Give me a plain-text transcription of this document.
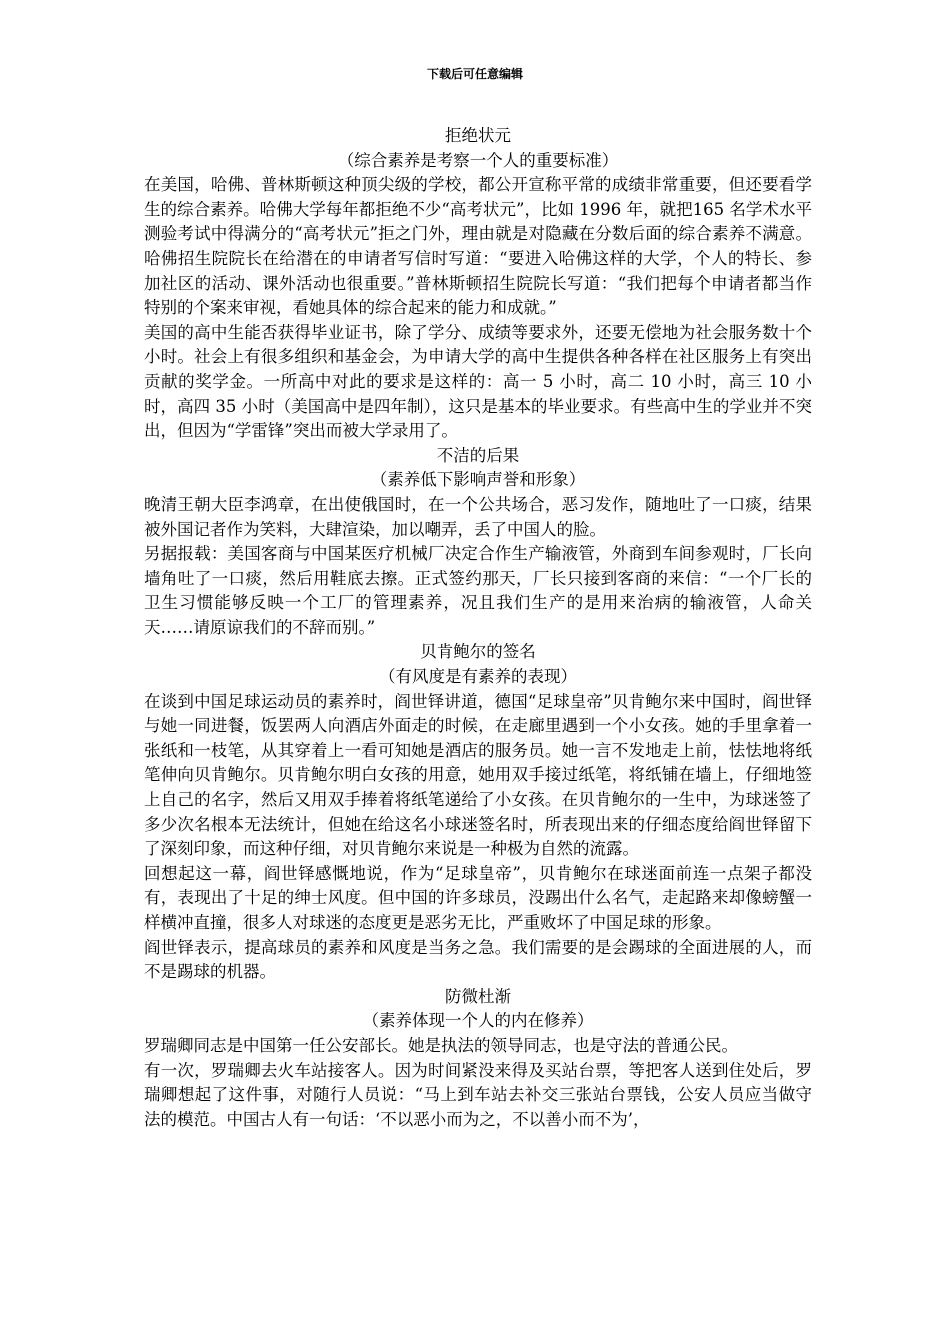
下载后可任意编辑
拒绝状元
（综合素养是考察一个人的重要标准）

在美国，哈佛、普林斯顿这种顶尖级的学校，都公开宣称平常的成绩非常重要，但还要看学生的综合素养。哈佛大学每年都拒绝不少“高考状元”，比如 1996 年，就把165 名学术水平测验考试中得满分的“高考状元”拒之门外，理由就是对隐藏在分数后面的综合素养不满意。哈佛招生院院长在给潜在的申请者写信时写道：“要进入哈佛这样的大学，个人的特长、参加社区的活动、课外活动也很重要。”普林斯顿招生院院长写道：“我们把每个申请者都当作特别的个案来审视，看她具体的综合起来的能力和成就。”

美国的高中生能否获得毕业证书，除了学分、成绩等要求外，还要无偿地为社会服务数十个小时。社会上有很多组织和基金会，为申请大学的高中生提供各种各样在社区服务上有突出贡献的奖学金。一所高中对此的要求是这样的：高一 5 小时，高二 10 小时，高三 10 小时，高四 35 小时（美国高中是四年制），这只是基本的毕业要求。有些高中生的学业并不突出，但因为“学雷锋”突出而被大学录用了。

不洁的后果
（素养低下影响声誉和形象）

晚清王朝大臣李鸿章，在出使俄国时，在一个公共场合，恶习发作，随地吐了一口痰，结果被外国记者作为笑料，大肆渲染，加以嘲弄，丢了中国人的脸。

另据报载：美国客商与中国某医疗机械厂决定合作生产输液管，外商到车间参观时，厂长向墙角吐了一口痰，然后用鞋底去擦。正式签约那天，厂长只接到客商的来信：“一个厂长的卫生习惯能够反映一个工厂的管理素养，况且我们生产的是用来治病的输液管，人命关天……请原谅我们的不辞而别。”

贝肯鲍尔的签名
（有风度是有素养的表现）

在谈到中国足球运动员的素养时，阎世铎讲道，德国“足球皇帝”贝肯鲍尔来中国时，阎世铎与她一同进餐，饭罢两人向酒店外面走的时候，在走廊里遇到一个小女孩。她的手里拿着一张纸和一枝笔，从其穿着上一看可知她是酒店的服务员。她一言不发地走上前，怯怯地将纸笔伸向贝肯鲍尔。贝肯鲍尔明白女孩的用意，她用双手接过纸笔，将纸铺在墙上，仔细地签上自己的名字，然后又用双手捧着将纸笔递给了小女孩。在贝肯鲍尔的一生中，为球迷签了多少次名根本无法统计，但她在给这名小球迷签名时，所表现出来的仔细态度给阎世铎留下了深刻印象，而这种仔细，对贝肯鲍尔来说是一种极为自然的流露。

回想起这一幕，阎世铎感慨地说，作为“足球皇帝”，贝肯鲍尔在球迷面前连一点架子都没有，表现出了十足的绅士风度。但中国的许多球员，没踢出什么名气，走起路来却像螃蟹一样横冲直撞，很多人对球迷的态度更是恶劣无比，严重败坏了中国足球的形象。

阎世铎表示，提高球员的素养和风度是当务之急。我们需要的是会踢球的全面进展的人，而不是踢球的机器。

防微杜渐
（素养体现一个人的内在修养）

罗瑞卿同志是中国第一任公安部长。她是执法的领导同志，也是守法的普通公民。

有一次，罗瑞卿去火车站接客人。因为时间紧没来得及买站台票，等把客人送到住处后，罗瑞卿想起了这件事，对随行人员说：“马上到车站去补交三张站台票钱，公安人员应当做守法的模范。中国古人有一句话：‘不以恶小而为之，不以善小而不为’，
